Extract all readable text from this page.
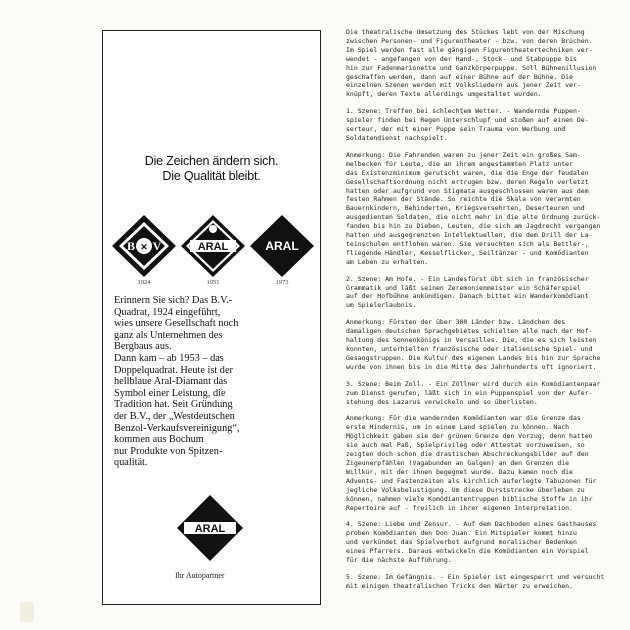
Die Zeichen ändern sich.
Die Qualität bleibt.
✕
B V
1924
ARAL
1951
ARAL
1973

Erinnern Sie sich? Das B.V.-
Quadrat, 1924 eingeführt,
wies unsere Gesellschaft noch
ganz als Unternehmen des
Bergbaus aus.
Dann kam – ab 1953 – das
Doppelquadrat. Heute ist der
hellblaue Aral-Diamant das
Symbol einer Leistung, die
Tradition hat. Seit Gründung
der B.V., der „Westdeutschen
Benzol-Verkaufsvereinigung“,
kommen aus Bochum
nur Produkte von Spitzen-
qualität.

ARAL
Ihr Autopartner
Die theatralische Umsetzung des Stückes lebt von der Mischung
zwischen Personen- und Figurentheater - bzw. von deren Brüchen.
Im Spiel werden fast alle gängigen Figurentheatertechniken ver-
wendet - angefangen von der Hand-, Stock- und Stabpuppe bis
hin zur Fadenmarionette und Ganzkörperpuppe. Soll Bühnenillusion
geschaffen werden, dann auf einer Bühne auf der Bühne. Die
einzelnen Szenen werden mit Volksliedern aus jener Zeit ver-
knüpft, deren Texte allerdings umgestaltet wurden.
1. Szene: Treffen bei schlechtem Wetter. - Wandernde Puppen-
spieler finden bei Regen Unterschlupf und stoßen auf einen De-
serteur, der mit einer Puppe sein Trauma von Werbung und
Soldatendienst nachspielt.
Anmerkung: Die Fahrenden waren zu jener Zeit ein großes Sam-
melbecken für Leute, die an ihrem angestammten Platz unter
das Existenzminimum gerutscht waren, die die Enge der feudalen
Gesellschaftsordnung nicht ertrugen bzw. deren Regeln verletzt
hatten oder aufgrund von Stigmata ausgeschlossen waren aus dem
festen Rahmen der Stände. So reichte die Skala von verarmten
Bauernkindern, Behinderten, Kriegsversehrten, Deserteuren und
ausgedienten Soldaten, die nicht mehr in die alte Ordnung zurück-
fanden bis hin zu Dieben, Leuten, die sich am Jagdrecht vergangen
hatten und ausgegrenzten Intellektuellen, die dem Drill der La-
teinschulen entflohen waren. Sie versuchten sich als Bettler-,
fliegende Händler, Kesselflicker, Seiltänzer - und Komödianten
am Leben zu erhalten.
2. Szene: Am Hofe. - Ein Landesfürst übt sich in französischer
Grammatik und läßt seinen Zeremonienmeister ein Schäferspiel
auf der Hofbühne ankündigen. Danach bittet ein Wanderkomödiant
um Spielerlaubnis.
Anmerkung: Fürsten der über 300 Länder bzw. Ländchen des
damaligen deutschen Sprachgebietes schielten alle nach der Hof-
haltung des Sonnenkönigs in Versailles. Die, die es sich leisten
konnten, unterhielten französische oder italienische Spiel- und
Gesangstruppen. Die Kultur des eigenen Landes bis hin zur Sprache
wurde von ihnen bis in die Mitte des Jahrhunderts oft ignoriert.
3. Szene: Beim Zoll. - Ein Zöllner wird durch ein Komödiantenpaar
zum Dienst gerufen, läßt sich in ein Puppenspiel von der Aufer-
stehung des Lazarus verwickeln und so überlisten.
Anmerkung: Für die wandernden Komödianten war die Grenze das
erste Hindernis, um in einem Land spielen zu können. Nach
Möglichkeit gaben sie der grünen Grenze den Vorzug, denn hatten
sie auch mal Paß, Spielprivileg oder Attestat vorzuweisen, so
zeigten doch schon die drastischen Abschreckungsbilder auf den
Zigeunerpfählen (Vagabunden an Galgen) an den Grenzen die
Willkür, mit der ihnen begegnet wurde. Dazu kamen noch die
Advents- und Fastenzeiten als kirchlich auferlegte Tabuzonen für
jegliche Volksbelustigung. Um diese Durststrecke überleben zu
können, nahmen viele Komödiantentruppen biblische Stoffe in ihr
Repertoire auf - freilich in ihrer eigenen Interpretation.
4. Szene: Liebe und Zensur. - Auf dem Dachboden eines Gasthauses
proben Komödianten den Don Juan. Ein Mitspieler kommt hinzu
und verkündet das Spielverbot aufgrund moralischer Bedenken
eines Pfarrers. Daraus entwickeln die Komödianten ein Vorspiel
für die nächste Aufführung.
5. Szene: Im Gefängnis. - Ein Spieler ist eingesperrt und versucht
mit einigen theatralischen Tricks den Wärter zu erweichen.
